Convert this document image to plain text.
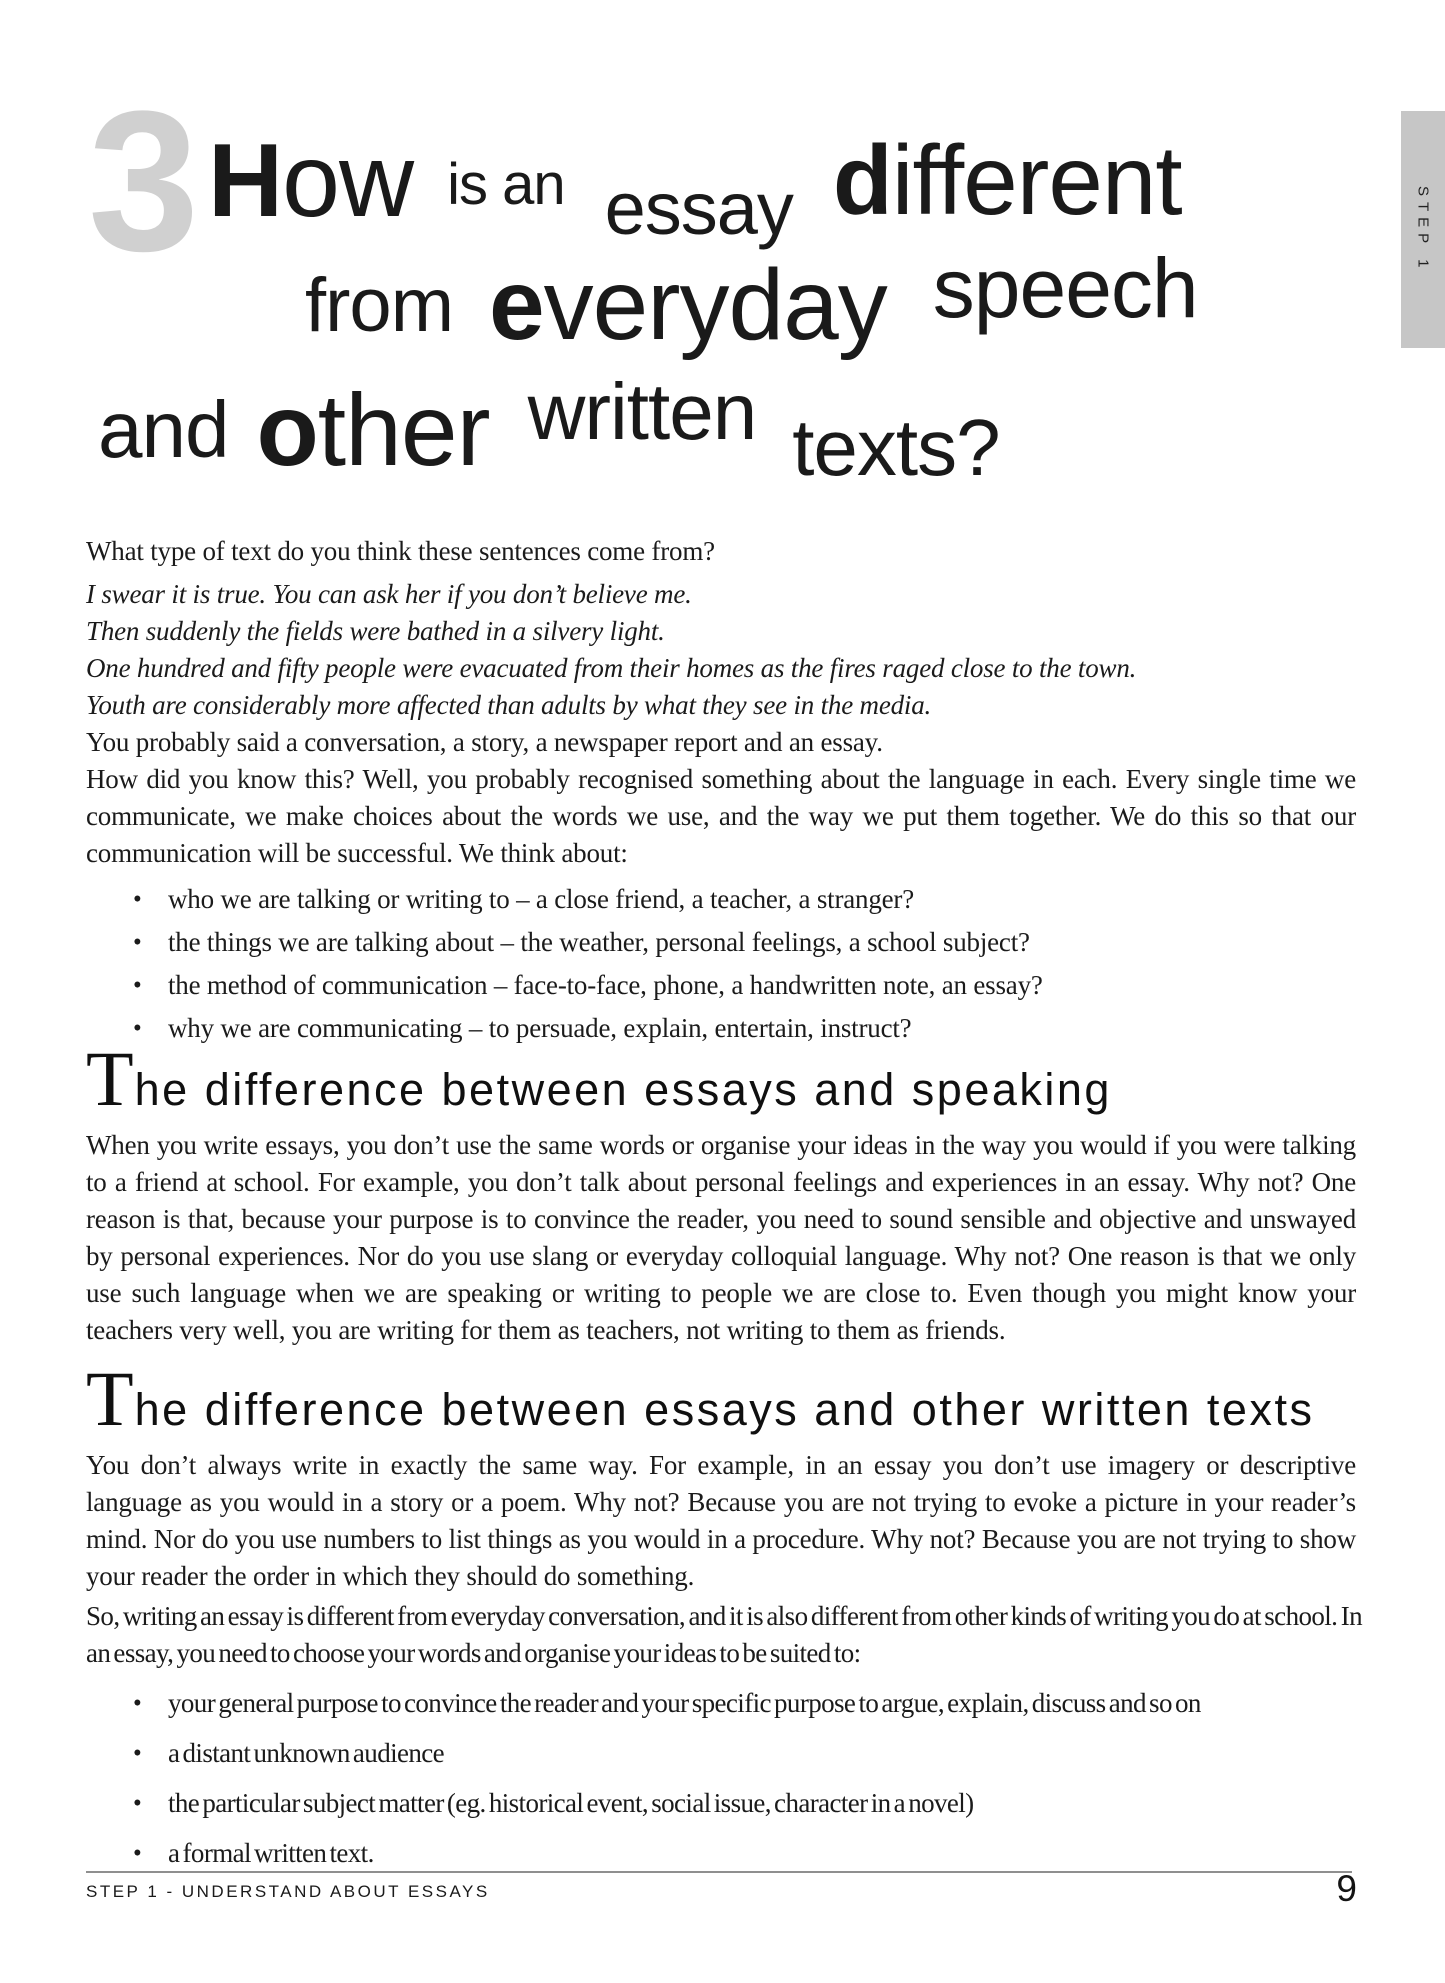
STEP 1
3 How is an essay different
from everyday speech
and other written texts?

What type of text do you think these sentences come from?

I swear it is true. You can ask her if you don’t believe me.

Then suddenly the fields were bathed in a silvery light.

One hundred and fifty people were evacuated from their homes as the fires raged close to the town.

Youth are considerably more affected than adults by what they see in the media.

You probably said a conversation, a story, a newspaper report and an essay.

How did you know this? Well, you probably recognised something about the language in each. Every single time we communicate, we make choices about the words we use, and the way we put them together. We do this so that our communication will be successful. We think about:

• who we are talking or writing to – a close friend, a teacher, a stranger?
• the things we are talking about – the weather, personal feelings, a school subject?
• the method of communication – face-to-face, phone, a handwritten note, an essay?
• why we are communicating – to persuade, explain, entertain, instruct?
The difference between essays and speaking

When you write essays, you don’t use the same words or organise your ideas in the way you would if you were talking to a friend at school. For example, you don’t talk about personal feelings and experiences in an essay. Why not? One reason is that, because your purpose is to convince the reader, you need to sound sensible and objective and unswayed by personal experiences. Nor do you use slang or everyday colloquial language. Why not? One reason is that we only use such language when we are speaking or writing to people we are close to. Even though you might know your teachers very well, you are writing for them as teachers, not writing to them as friends.

The difference between essays and other written texts

You don’t always write in exactly the same way. For example, in an essay you don’t use imagery or descriptive language as you would in a story or a poem. Why not? Because you are not trying to evoke a picture in your reader’s mind. Nor do you use numbers to list things as you would in a procedure. Why not? Because you are not trying to show your reader the order in which they should do something.

So, writing an essay is different from everyday conversation, and it is also different from other kinds of writing you do at school. In an essay, you need to choose your words and organise your ideas to be suited to:

• your general purpose to convince the reader and your specific purpose to argue, explain, discuss and so on
• a distant unknown audience
• the particular subject matter (eg. historical event, social issue, character in a novel)
• a formal written text.
STEP 1 - UNDERSTAND ABOUT ESSAYS	9
